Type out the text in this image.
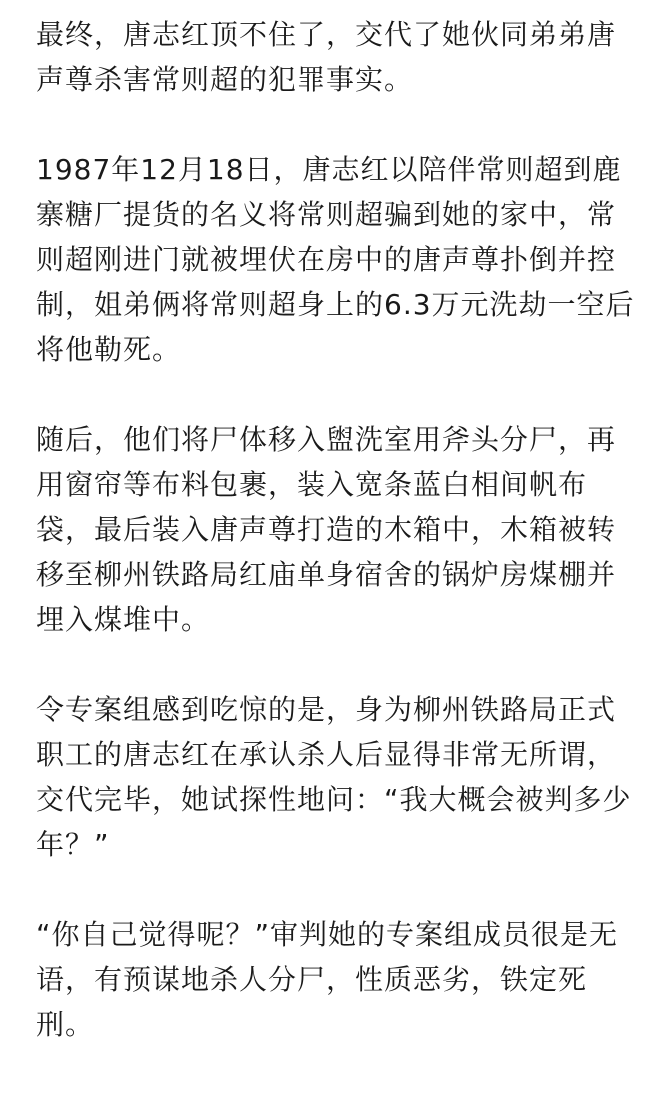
最终，唐志红顶不住了，交代了她伙同弟弟唐
声尊杀害常则超的犯罪事实。
1987年12月18日，唐志红以陪伴常则超到鹿
寨糖厂提货的名义将常则超骗到她的家中，常
则超刚进门就被埋伏在房中的唐声尊扑倒并控
制，姐弟俩将常则超身上的6.3万元洗劫一空后
将他勒死。
随后，他们将尸体移入盥洗室用斧头分尸，再
用窗帘等布料包裹，装入宽条蓝白相间帆布
袋，最后装入唐声尊打造的木箱中，木箱被转
移至柳州铁路局红庙单身宿舍的锅炉房煤棚并
埋入煤堆中。
令专案组感到吃惊的是，身为柳州铁路局正式
职工的唐志红在承认杀人后显得非常无所谓，
交代完毕，她试探性地问：“我大概会被判多少
年？”
“你自己觉得呢？”审判她的专案组成员很是无
语，有预谋地杀人分尸，性质恶劣，铁定死
刑。
